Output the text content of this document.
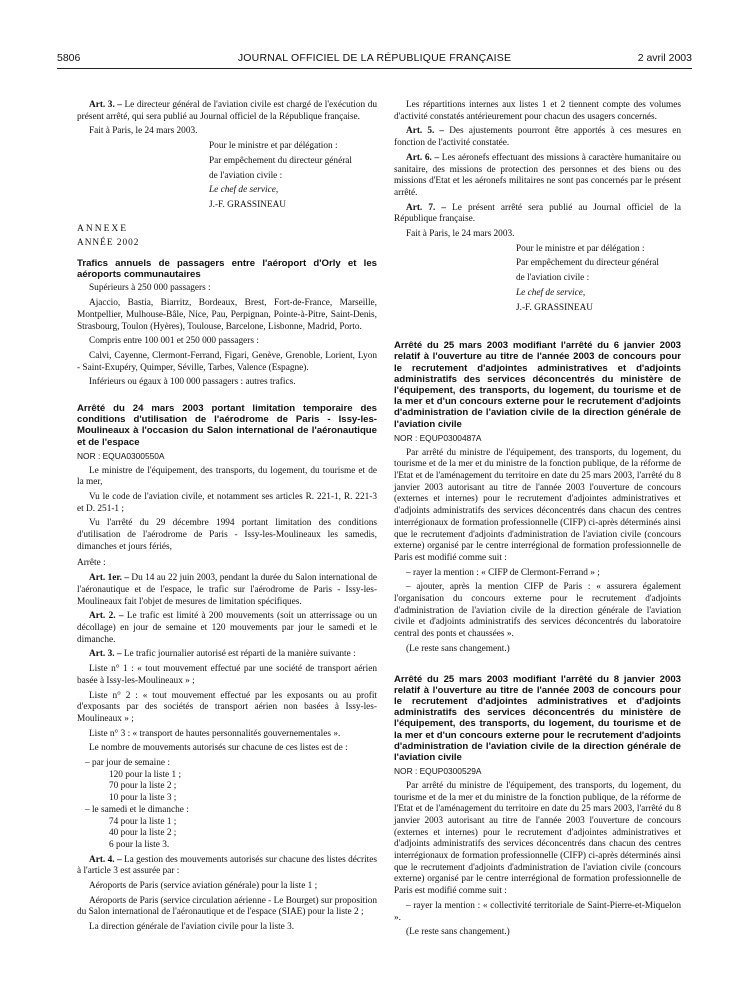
5806	JOURNAL OFFICIEL DE LA RÉPUBLIQUE FRANÇAISE	2 avril 2003

Art. 3. – Le directeur général de l'aviation civile est chargé de l'exécution du présent arrêté, qui sera publié au Journal officiel de la République française.

Fait à Paris, le 24 mars 2003.

Pour le ministre et par délégation :

Par empêchement du directeur général

de l'aviation civile :

Le chef de service,

J.-F. GRASSINEAU

ANNEXE

ANNÉE 2002

Trafics annuels de passagers entre l'aéroport d'Orly et les aéroports communautaires

Supérieurs à 250 000 passagers :

Ajaccio, Bastia, Biarritz, Bordeaux, Brest, Fort-de-France, Marseille, Montpellier, Mulhouse-Bâle, Nice, Pau, Perpignan, Pointe-à-Pitre, Saint-Denis, Strasbourg, Toulon (Hyères), Toulouse, Barcelone, Lisbonne, Madrid, Porto.

Compris entre 100 001 et 250 000 passagers :

Calvi, Cayenne, Clermont-Ferrand, Figari, Genève, Grenoble, Lorient, Lyon - Saint-Exupéry, Quimper, Séville, Tarbes, Valence (Espagne).

Inférieurs ou égaux à 100 000 passagers : autres trafics.

Arrêté du 24 mars 2003 portant limitation temporaire des conditions d'utilisation de l'aérodrome de Paris - Issy-les-Moulineaux à l'occasion du Salon international de l'aéronautique et de l'espace

NOR : EQUA0300550A

Le ministre de l'équipement, des transports, du logement, du tourisme et de la mer,

Vu le code de l'aviation civile, et notamment ses articles R. 221-1, R. 221-3 et D. 251-1 ;

Vu l'arrêté du 29 décembre 1994 portant limitation des conditions d'utilisation de l'aérodrome de Paris - Issy-les-Moulineaux les samedis, dimanches et jours fériés,

Arrête :

Art. 1er. – Du 14 au 22 juin 2003, pendant la durée du Salon international de l'aéronautique et de l'espace, le trafic sur l'aérodrome de Paris - Issy-les-Moulineaux fait l'objet de mesures de limitation spécifiques.

Art. 2. – Le trafic est limité à 200 mouvements (soit un atterrissage ou un décollage) en jour de semaine et 120 mouvements par jour le samedi et le dimanche.

Art. 3. – Le trafic journalier autorisé est réparti de la manière suivante :

Liste n° 1 : « tout mouvement effectué par une société de transport aérien basée à Issy-les-Moulineaux » ;

Liste n° 2 : « tout mouvement effectué par les exposants ou au profit d'exposants par des sociétés de transport aérien non basées à Issy-les-Moulineaux » ;

Liste n° 3 : « transport de hautes personnalités gouvernementales ».

Le nombre de mouvements autorisés sur chacune de ces listes est de :

– par jour de semaine :
120 pour la liste 1 ;
70 pour la liste 2 ;
10 pour la liste 3 ;
– le samedi et le dimanche :
74 pour la liste 1 ;
40 pour la liste 2 ;
6 pour la liste 3.

Art. 4. – La gestion des mouvements autorisés sur chacune des listes décrites à l'article 3 est assurée par :

Aéroports de Paris (service aviation générale) pour la liste 1 ;

Aéroports de Paris (service circulation aérienne - Le Bourget) sur proposition du Salon international de l'aéronautique et de l'espace (SIAE) pour la liste 2 ;

La direction générale de l'aviation civile pour la liste 3.

Les répartitions internes aux listes 1 et 2 tiennent compte des volumes d'activité constatés antérieurement pour chacun des usagers concernés.

Art. 5. – Des ajustements pourront être apportés à ces mesures en fonction de l'activité constatée.

Art. 6. – Les aéronefs effectuant des missions à caractère humanitaire ou sanitaire, des missions de protection des personnes et des biens ou des missions d'Etat et les aéronefs militaires ne sont pas concernés par le présent arrêté.

Art. 7. – Le présent arrêté sera publié au Journal officiel de la République française.

Fait à Paris, le 24 mars 2003.

Pour le ministre et par délégation :

Par empêchement du directeur général

de l'aviation civile :

Le chef de service,

J.-F. GRASSINEAU

Arrêté du 25 mars 2003 modifiant l'arrêté du 6 janvier 2003 relatif à l'ouverture au titre de l'année 2003 de concours pour le recrutement d'adjointes administratives et d'adjoints administratifs des services déconcentrés du ministère de l'équipement, des transports, du logement, du tourisme et de la mer et d'un concours externe pour le recrutement d'adjoints d'administration de l'aviation civile de la direction générale de l'aviation civile

NOR : EQUP0300487A

Par arrêté du ministre de l'équipement, des transports, du logement, du tourisme et de la mer et du ministre de la fonction publique, de la réforme de l'Etat et de l'aménagement du territoire en date du 25 mars 2003, l'arrêté du 8 janvier 2003 autorisant au titre de l'année 2003 l'ouverture de concours (externes et internes) pour le recrutement d'adjointes administratives et d'adjoints administratifs des services déconcentrés dans chacun des centres interrégionaux de formation professionnelle (CIFP) ci-après déterminés ainsi que le recrutement d'adjoints d'administration de l'aviation civile (concours externe) organisé par le centre interrégional de formation professionnelle de Paris est modifié comme suit :

– rayer la mention : « CIFP de Clermont-Ferrand » ;

– ajouter, après la mention CIFP de Paris : « assurera également l'organisation du concours externe pour le recrutement d'adjoints d'administration de l'aviation civile de la direction générale de l'aviation civile et d'adjoints administratifs des services déconcentrés du laboratoire central des ponts et chaussées ».

(Le reste sans changement.)

Arrêté du 25 mars 2003 modifiant l'arrêté du 8 janvier 2003 relatif à l'ouverture au titre de l'année 2003 de concours pour le recrutement d'adjointes administratives et d'adjoints administratifs des services déconcentrés du ministère de l'équipement, des transports, du logement, du tourisme et de la mer et d'un concours externe pour le recrutement d'adjoints d'administration de l'aviation civile de la direction générale de l'aviation civile

NOR : EQUP0300529A

Par arrêté du ministre de l'équipement, des transports, du logement, du tourisme et de la mer et du ministre de la fonction publique, de la réforme de l'Etat et de l'aménagement du territoire en date du 25 mars 2003, l'arrêté du 8 janvier 2003 autorisant au titre de l'année 2003 l'ouverture de concours (externes et internes) pour le recrutement d'adjointes administratives et d'adjoints administratifs des services déconcentrés dans chacun des centres interrégionaux de formation professionnelle (CIFP) ci-après déterminés ainsi que le recrutement d'adjoints d'administration de l'aviation civile (concours externe) organisé par le centre interrégional de formation professionnelle de Paris est modifié comme suit :

– rayer la mention : « collectivité territoriale de Saint-Pierre-et-Miquelon ».

(Le reste sans changement.)
